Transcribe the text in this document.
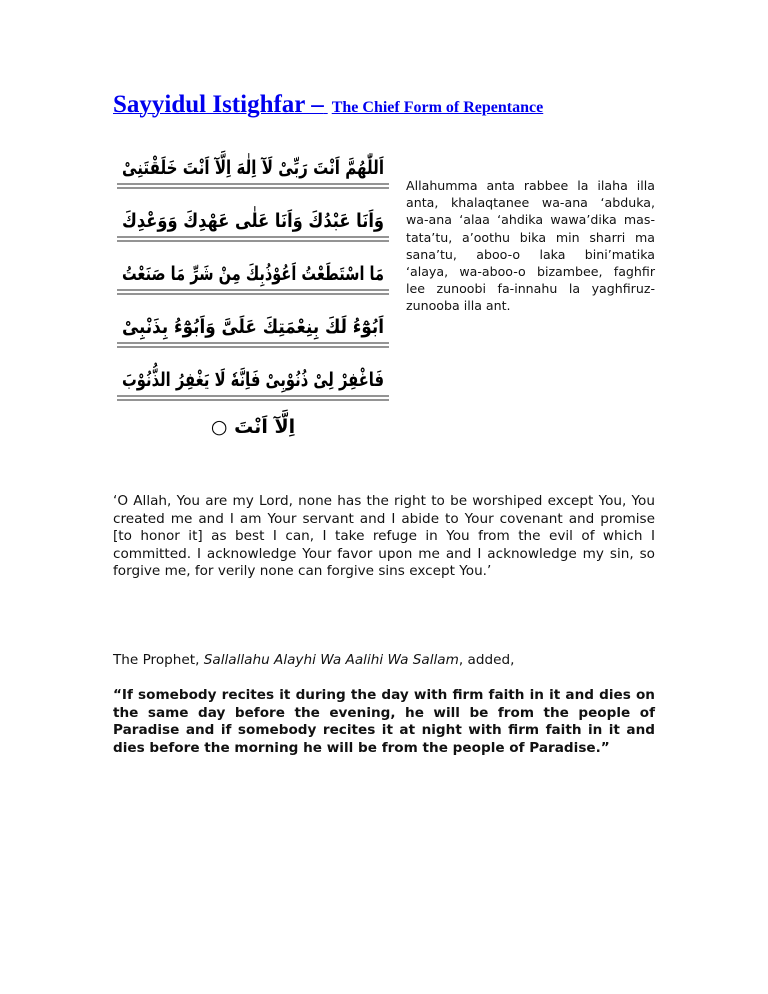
Sayyidul Istighfar – The Chief Form of Repentance
اَللّٰهُمَّ اَنْتَ رَبِّیْ لَآ اِلٰهَ اِلَّآ اَنْتَ خَلَقْتَنِیْ
وَاَنَا عَبْدُكَ وَاَنَا عَلٰى عَهْدِكَ وَوَعْدِكَ
مَا اسْتَطَعْتُ اَعُوْذُبِكَ مِنْ شَرِّ مَا صَنَعْتُ
اَبُوْٓءُ لَكَ بِنِعْمَتِكَ عَلَیَّ وَاَبُوْٓءُ بِذَنْبِیْ
فَاغْفِرْ لِیْ ذُنُوْبِیْ فَاِنَّهٗ لَا يَغْفِرُ الذُّنُوْبَ
اِلَّآ اَنْتَ ○

Allahumma anta rabbee la ilaha illa anta, khalaqtanee wa-ana ‘abduka, wa-ana ‘alaa ‘ahdika wawa’dika mas-tata’tu, a’oothu bika min sharri ma sana’tu, aboo-o laka bini’matika ‘alaya, wa-aboo-o bizambee, faghfir lee zunoobi fa-innahu la yaghfiruz-zunooba illa ant.

‘O Allah, You are my Lord, none has the right to be worshiped except You, You created me and I am Your servant and I abide to Your covenant and promise [to honor it] as best I can, I take refuge in You from the evil of which I committed. I acknowledge Your favor upon me and I acknowledge my sin, so forgive me, for verily none can forgive sins except You.’

The Prophet, Sallallahu Alayhi Wa Aalihi Wa Sallam, added,

“If somebody recites it during the day with firm faith in it and dies on the same day before the evening, he will be from the people of Paradise and if somebody recites it at night with firm faith in it and dies before the morning he will be from the people of Paradise.”
